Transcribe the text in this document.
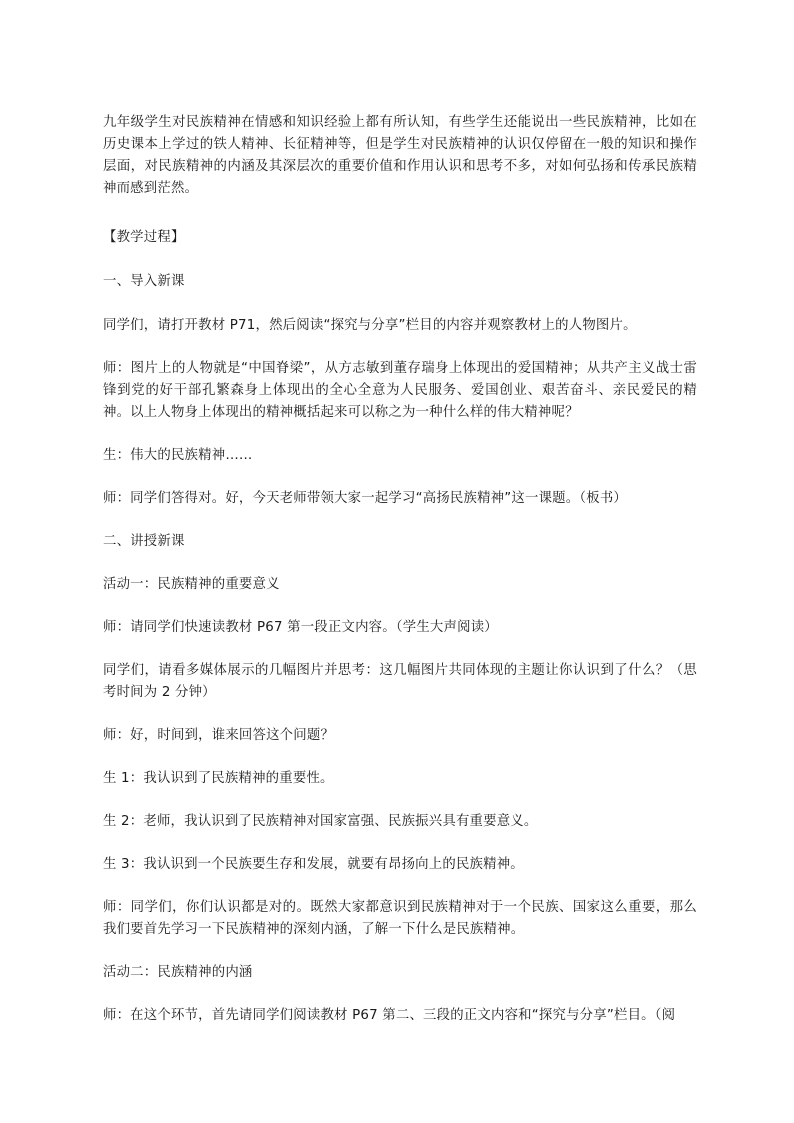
九年级学生对民族精神在情感和知识经验上都有所认知，有些学生还能说出一些民族精神，比如在历史课本上学过的铁人精神、长征精神等，但是学生对民族精神的认识仅停留在一般的知识和操作层面，对民族精神的内涵及其深层次的重要价值和作用认识和思考不多，对如何弘扬和传承民族精神而感到茫然。

【教学过程】

一、导入新课

同学们，请打开教材 P71，然后阅读“探究与分享”栏目的内容并观察教材上的人物图片。

师：图片上的人物就是“中国脊梁”，从方志敏到董存瑞身上体现出的爱国精神；从共产主义战士雷锋到党的好干部孔繁森身上体现出的全心全意为人民服务、爱国创业、艰苦奋斗、亲民爱民的精神。以上人物身上体现出的精神概括起来可以称之为一种什么样的伟大精神呢？

生：伟大的民族精神……

师：同学们答得对。好，今天老师带领大家一起学习“高扬民族精神”这一课题。（板书）

二、讲授新课

活动一：民族精神的重要意义

师：请同学们快速读教材 P67 第一段正文内容。（学生大声阅读）

同学们，请看多媒体展示的几幅图片并思考：这几幅图片共同体现的主题让你认识到了什么？（思考时间为 2 分钟）

师：好，时间到，谁来回答这个问题？

生 1：我认识到了民族精神的重要性。

生 2：老师，我认识到了民族精神对国家富强、民族振兴具有重要意义。

生 3：我认识到一个民族要生存和发展，就要有昂扬向上的民族精神。

师：同学们，你们认识都是对的。既然大家都意识到民族精神对于一个民族、国家这么重要，那么我们要首先学习一下民族精神的深刻内涵，了解一下什么是民族精神。

活动二：民族精神的内涵

师：在这个环节，首先请同学们阅读教材 P67 第二、三段的正文内容和“探究与分享”栏目。（阅
